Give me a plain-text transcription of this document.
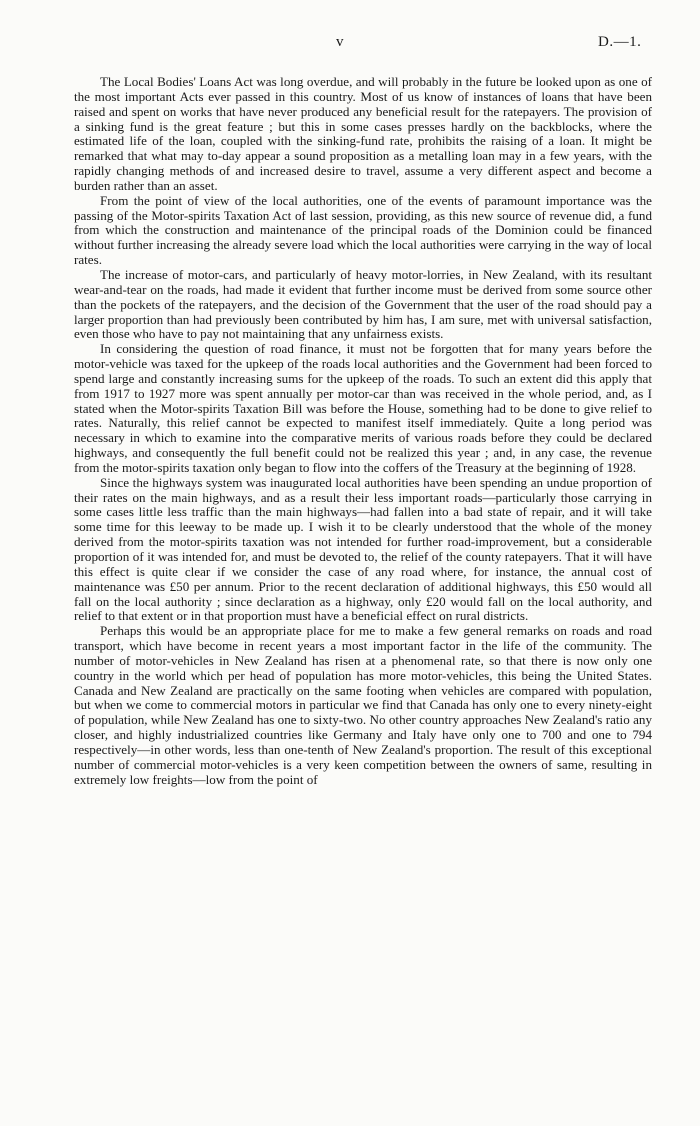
v	D.—1.

The Local Bodies' Loans Act was long overdue, and will probably in the future be looked upon as one of the most important Acts ever passed in this country. Most of us know of instances of loans that have been raised and spent on works that have never produced any beneficial result for the ratepayers. The provision of a sinking fund is the great feature ; but this in some cases presses hardly on the backblocks, where the estimated life of the loan, coupled with the sinking-fund rate, prohibits the raising of a loan. It might be remarked that what may to-day appear a sound proposition as a metalling loan may in a few years, with the rapidly changing methods of and increased desire to travel, assume a very different aspect and become a burden rather than an asset.

From the point of view of the local authorities, one of the events of paramount importance was the passing of the Motor-spirits Taxation Act of last session, providing, as this new source of revenue did, a fund from which the construction and maintenance of the principal roads of the Dominion could be financed without further increasing the already severe load which the local authorities were carrying in the way of local rates.

The increase of motor-cars, and particularly of heavy motor-lorries, in New Zealand, with its resultant wear-and-tear on the roads, had made it evident that further income must be derived from some source other than the pockets of the ratepayers, and the decision of the Government that the user of the road should pay a larger proportion than had previously been contributed by him has, I am sure, met with universal satisfaction, even those who have to pay not maintaining that any unfairness exists.

In considering the question of road finance, it must not be forgotten that for many years before the motor-vehicle was taxed for the upkeep of the roads local authorities and the Government had been forced to spend large and constantly increasing sums for the upkeep of the roads. To such an extent did this apply that from 1917 to 1927 more was spent annually per motor-car than was received in the whole period, and, as I stated when the Motor-spirits Taxation Bill was before the House, something had to be done to give relief to rates. Naturally, this relief cannot be expected to manifest itself immediately. Quite a long period was necessary in which to examine into the comparative merits of various roads before they could be declared highways, and consequently the full benefit could not be realized this year ; and, in any case, the revenue from the motor-spirits taxation only began to flow into the coffers of the Treasury at the beginning of 1928.

Since the highways system was inaugurated local authorities have been spending an undue proportion of their rates on the main highways, and as a result their less important roads—particularly those carrying in some cases little less traffic than the main highways—had fallen into a bad state of repair, and it will take some time for this leeway to be made up. I wish it to be clearly understood that the whole of the money derived from the motor-spirits taxation was not intended for further road-improvement, but a considerable proportion of it was intended for, and must be devoted to, the relief of the county ratepayers. That it will have this effect is quite clear if we consider the case of any road where, for instance, the annual cost of maintenance was £50 per annum. Prior to the recent declaration of additional highways, this £50 would all fall on the local authority ; since declaration as a highway, only £20 would fall on the local authority, and relief to that extent or in that proportion must have a beneficial effect on rural districts.

Perhaps this would be an appropriate place for me to make a few general remarks on roads and road transport, which have become in recent years a most important factor in the life of the community. The number of motor-vehicles in New Zealand has risen at a phenomenal rate, so that there is now only one country in the world which per head of population has more motor-vehicles, this being the United States. Canada and New Zealand are practically on the same footing when vehicles are compared with population, but when we come to commercial motors in particular we find that Canada has only one to every ninety-eight of population, while New Zealand has one to sixty-two. No other country approaches New Zealand's ratio any closer, and highly industrialized countries like Germany and Italy have only one to 700 and one to 794 respectively—in other words, less than one-tenth of New Zealand's proportion. The result of this exceptional number of commercial motor-vehicles is a very keen competition between the owners of same, resulting in extremely low freights—low from the point of
